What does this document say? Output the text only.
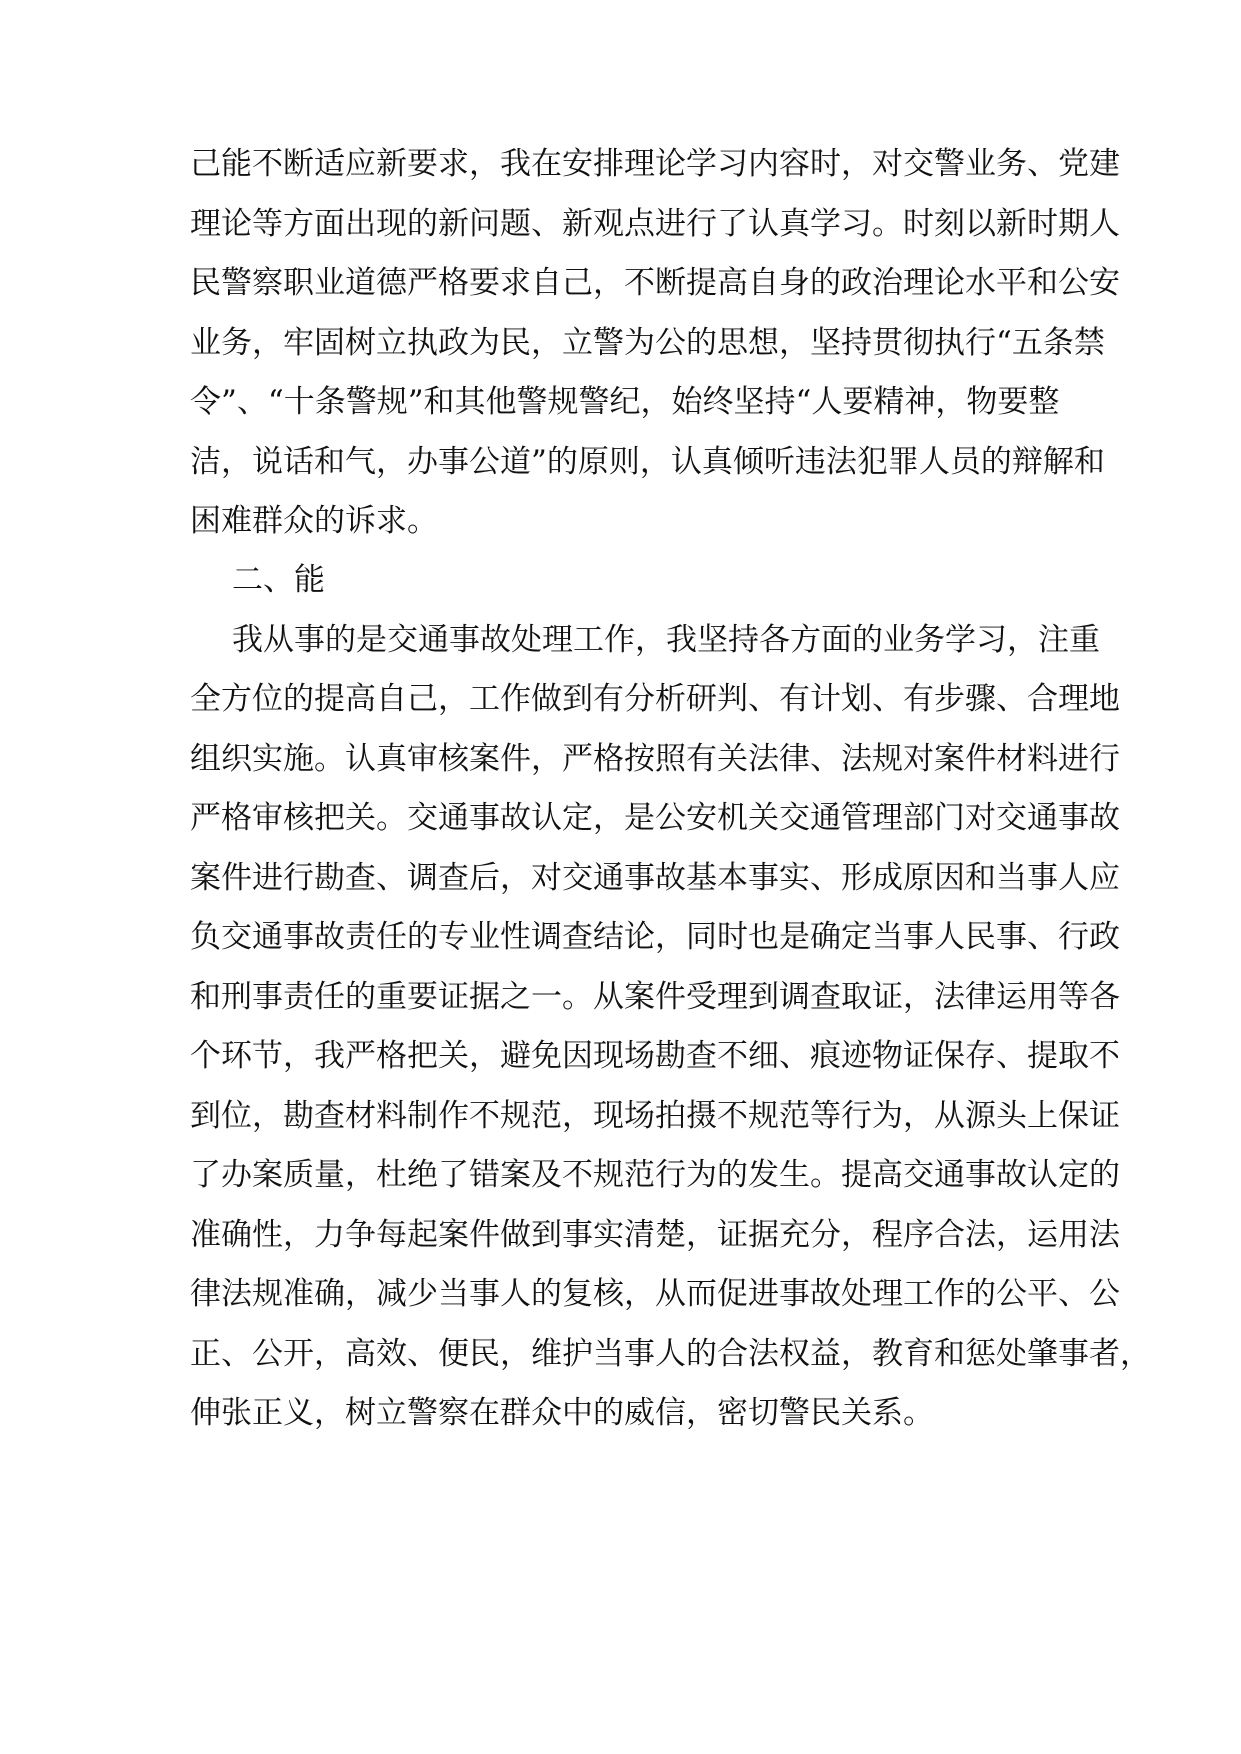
己能不断适应新要求，我在安排理论学习内容时，对交警业务、党建
理论等方面出现的新问题、新观点进行了认真学习。时刻以新时期人
民警察职业道德严格要求自己，不断提高自身的政治理论水平和公安
业务，牢固树立执政为民，立警为公的思想，坚持贯彻执行“五条禁
令”、“十条警规”和其他警规警纪，始终坚持“人要精神，物要整
洁，说话和气，办事公道”的原则，认真倾听违法犯罪人员的辩解和
困难群众的诉求。
二、能
我从事的是交通事故处理工作，我坚持各方面的业务学习，注重
全方位的提高自己，工作做到有分析研判、有计划、有步骤、合理地
组织实施。认真审核案件，严格按照有关法律、法规对案件材料进行
严格审核把关。交通事故认定，是公安机关交通管理部门对交通事故
案件进行勘查、调查后，对交通事故基本事实、形成原因和当事人应
负交通事故责任的专业性调查结论，同时也是确定当事人民事、行政
和刑事责任的重要证据之一。从案件受理到调查取证，法律运用等各
个环节，我严格把关，避免因现场勘查不细、痕迹物证保存、提取不
到位，勘查材料制作不规范，现场拍摄不规范等行为，从源头上保证
了办案质量，杜绝了错案及不规范行为的发生。提高交通事故认定的
准确性，力争每起案件做到事实清楚，证据充分，程序合法，运用法
律法规准确，减少当事人的复核，从而促进事故处理工作的公平、公
正、公开，高效、便民，维护当事人的合法权益，教育和惩处肇事者，
伸张正义，树立警察在群众中的威信，密切警民关系。
